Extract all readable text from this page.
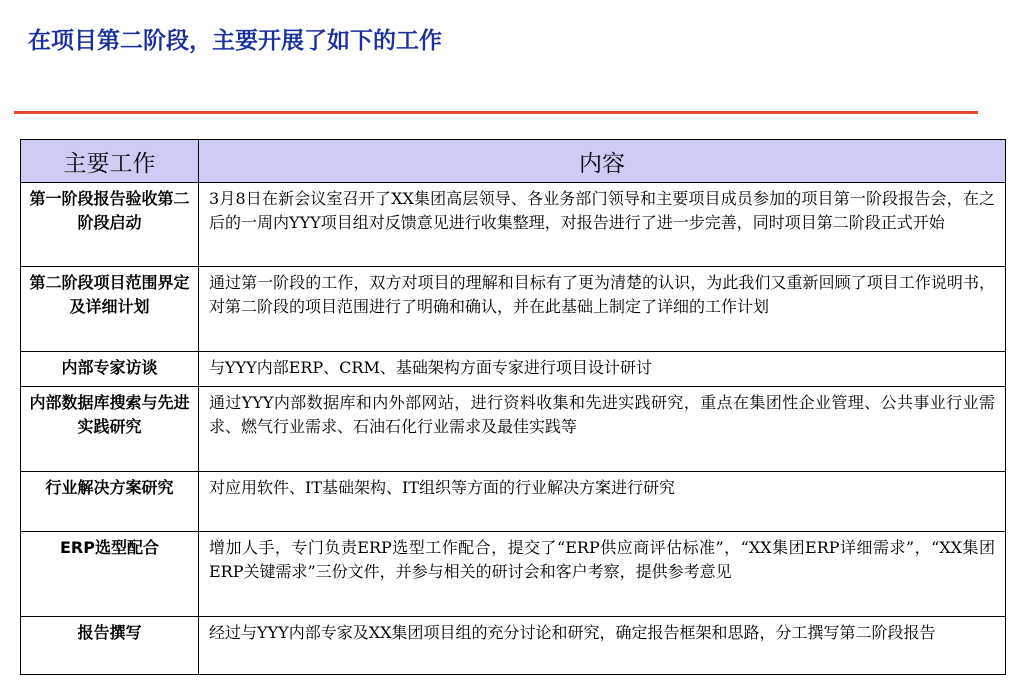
在项目第二阶段，主要开展了如下的工作
主要工作	内容
第一阶段报告验收第二阶段启动	3月8日在新会议室召开了XX集团高层领导、各业务部门领导和主要项目成员参加的项目第一阶段报告会，在之后的一周内YYY项目组对反馈意见进行收集整理，对报告进行了进一步完善，同时项目第二阶段正式开始
第二阶段项目范围界定及详细计划	通过第一阶段的工作，双方对项目的理解和目标有了更为清楚的认识，为此我们又重新回顾了项目工作说明书，对第二阶段的项目范围进行了明确和确认，并在此基础上制定了详细的工作计划
内部专家访谈	与YYY内部ERP、CRM、基础架构方面专家进行项目设计研讨
内部数据库搜索与先进实践研究	通过YYY内部数据库和内外部网站，进行资料收集和先进实践研究，重点在集团性企业管理、公共事业行业需求、燃气行业需求、石油石化行业需求及最佳实践等
行业解决方案研究	对应用软件、IT基础架构、IT组织等方面的行业解决方案进行研究
ERP选型配合	增加人手，专门负责ERP选型工作配合，提交了“ERP供应商评估标准”，“XX集团ERP详细需求”，“XX集团ERP关键需求”三份文件，并参与相关的研讨会和客户考察，提供参考意见
报告撰写	经过与YYY内部专家及XX集团项目组的充分讨论和研究，确定报告框架和思路，分工撰写第二阶段报告
